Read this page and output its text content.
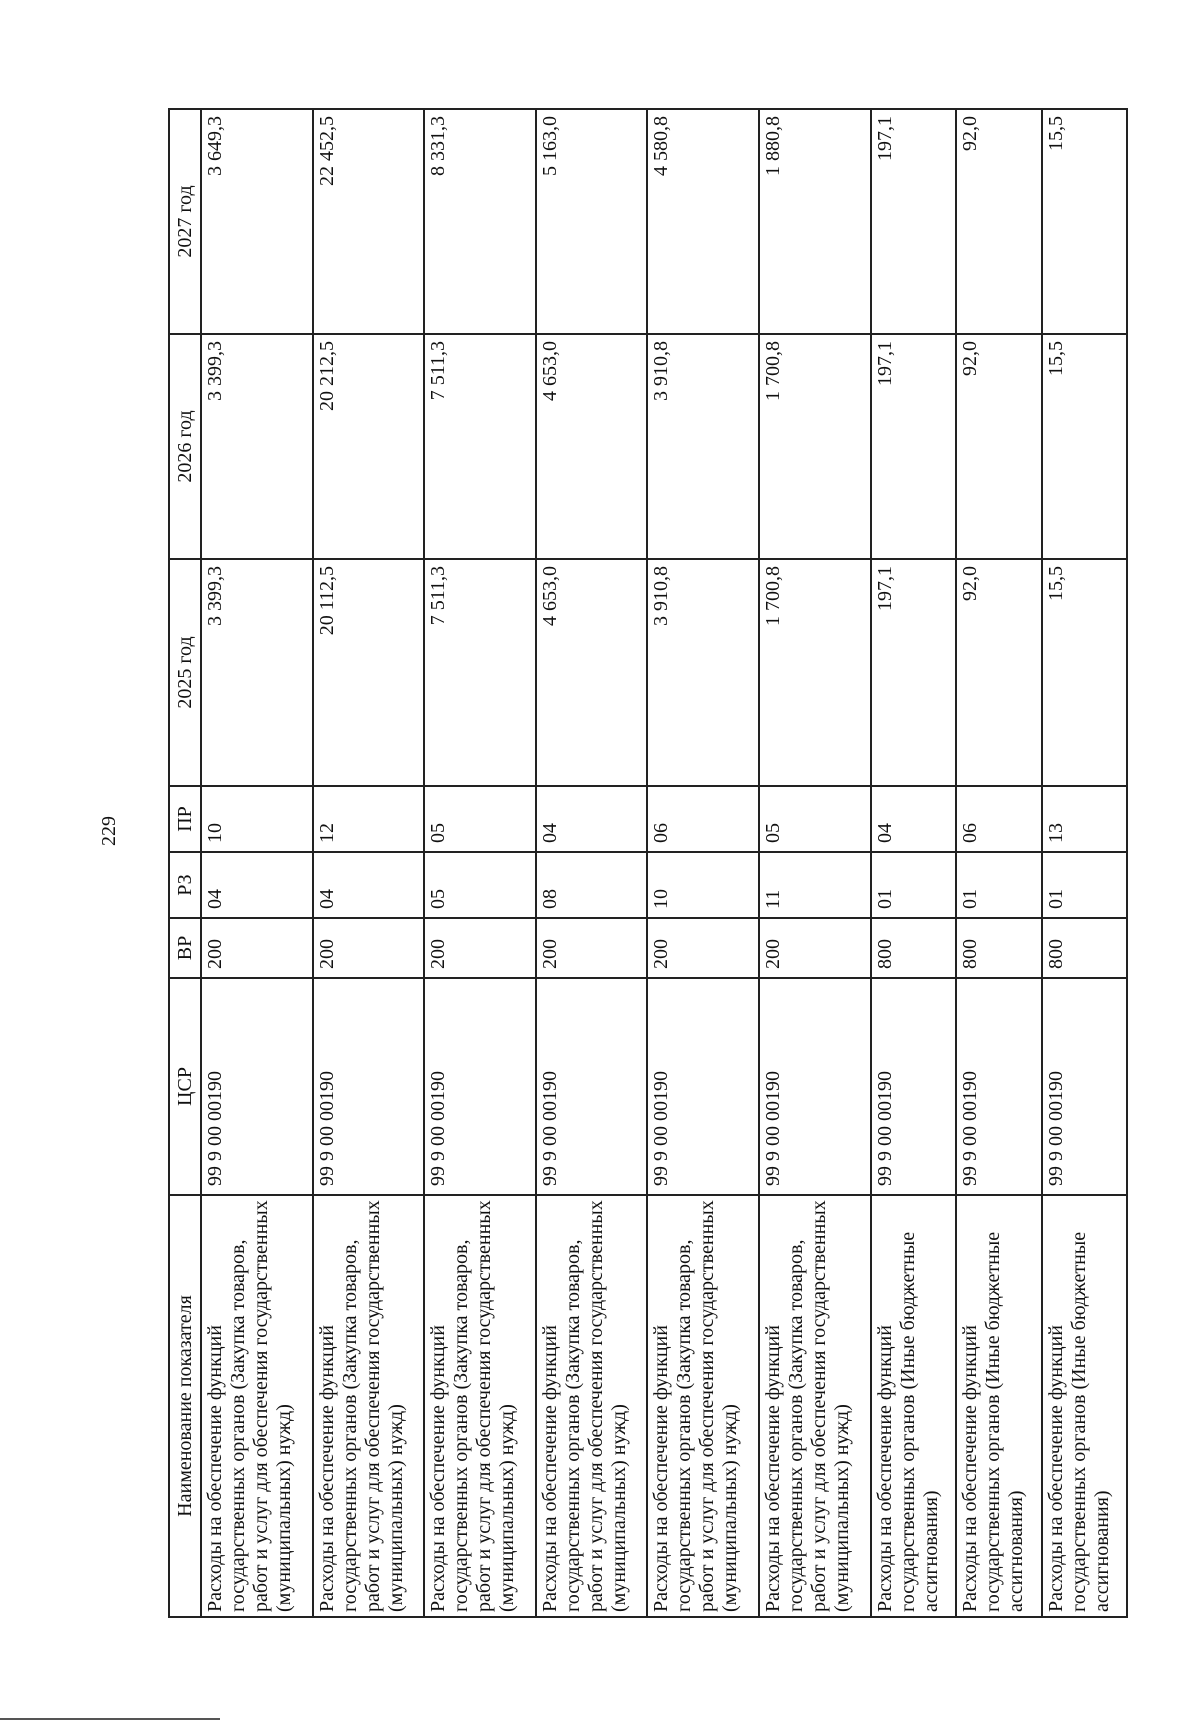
229
Наименование показателя	ЦСР	ВР	РЗ	ПР	2025 год	2026 год	2027 год
Расходы на обеспечение функций государственных органов (Закупка товаров, работ и услуг для обеспечения государственных (муниципальных) нужд)	99 9 00 00190	200	04	10	3 399,3	3 399,3	3 649,3
Расходы на обеспечение функций государственных органов (Закупка товаров, работ и услуг для обеспечения государственных (муниципальных) нужд)	99 9 00 00190	200	04	12	20 112,5	20 212,5	22 452,5
Расходы на обеспечение функций государственных органов (Закупка товаров, работ и услуг для обеспечения государственных (муниципальных) нужд)	99 9 00 00190	200	05	05	7 511,3	7 511,3	8 331,3
Расходы на обеспечение функций государственных органов (Закупка товаров, работ и услуг для обеспечения государственных (муниципальных) нужд)	99 9 00 00190	200	08	04	4 653,0	4 653,0	5 163,0
Расходы на обеспечение функций государственных органов (Закупка товаров, работ и услуг для обеспечения государственных (муниципальных) нужд)	99 9 00 00190	200	10	06	3 910,8	3 910,8	4 580,8
Расходы на обеспечение функций государственных органов (Закупка товаров, работ и услуг для обеспечения государственных (муниципальных) нужд)	99 9 00 00190	200	11	05	1 700,8	1 700,8	1 880,8
Расходы на обеспечение функций государственных органов (Иные бюджетные ассигнования)	99 9 00 00190	800	01	04	197,1	197,1	197,1
Расходы на обеспечение функций государственных органов (Иные бюджетные ассигнования)	99 9 00 00190	800	01	06	92,0	92,0	92,0
Расходы на обеспечение функций государственных органов (Иные бюджетные ассигнования)	99 9 00 00190	800	01	13	15,5	15,5	15,5
